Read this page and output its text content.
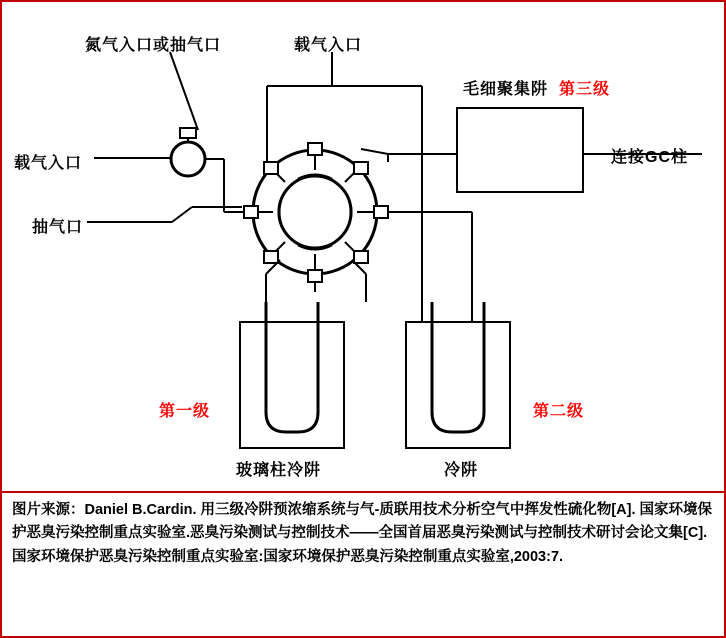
氮气入口或抽气口	载气入口
毛细聚集阱 第三级
连接GC柱
载气入口
抽气口
第一级	第二级
玻璃柱冷阱	冷阱
图片来源：Daniel B.Cardin. 用三级冷阱预浓缩系统与气-质联用技术分析空气中挥发性硫化物[A]. 国家环境保护恶臭污染控制重点实验室.恶臭污染测试与控制技术——全国首届恶臭污染测试与控制技术研讨会论文集[C].国家环境保护恶臭污染控制重点实验室:国家环境保护恶臭污染控制重点实验室,2003:7.
